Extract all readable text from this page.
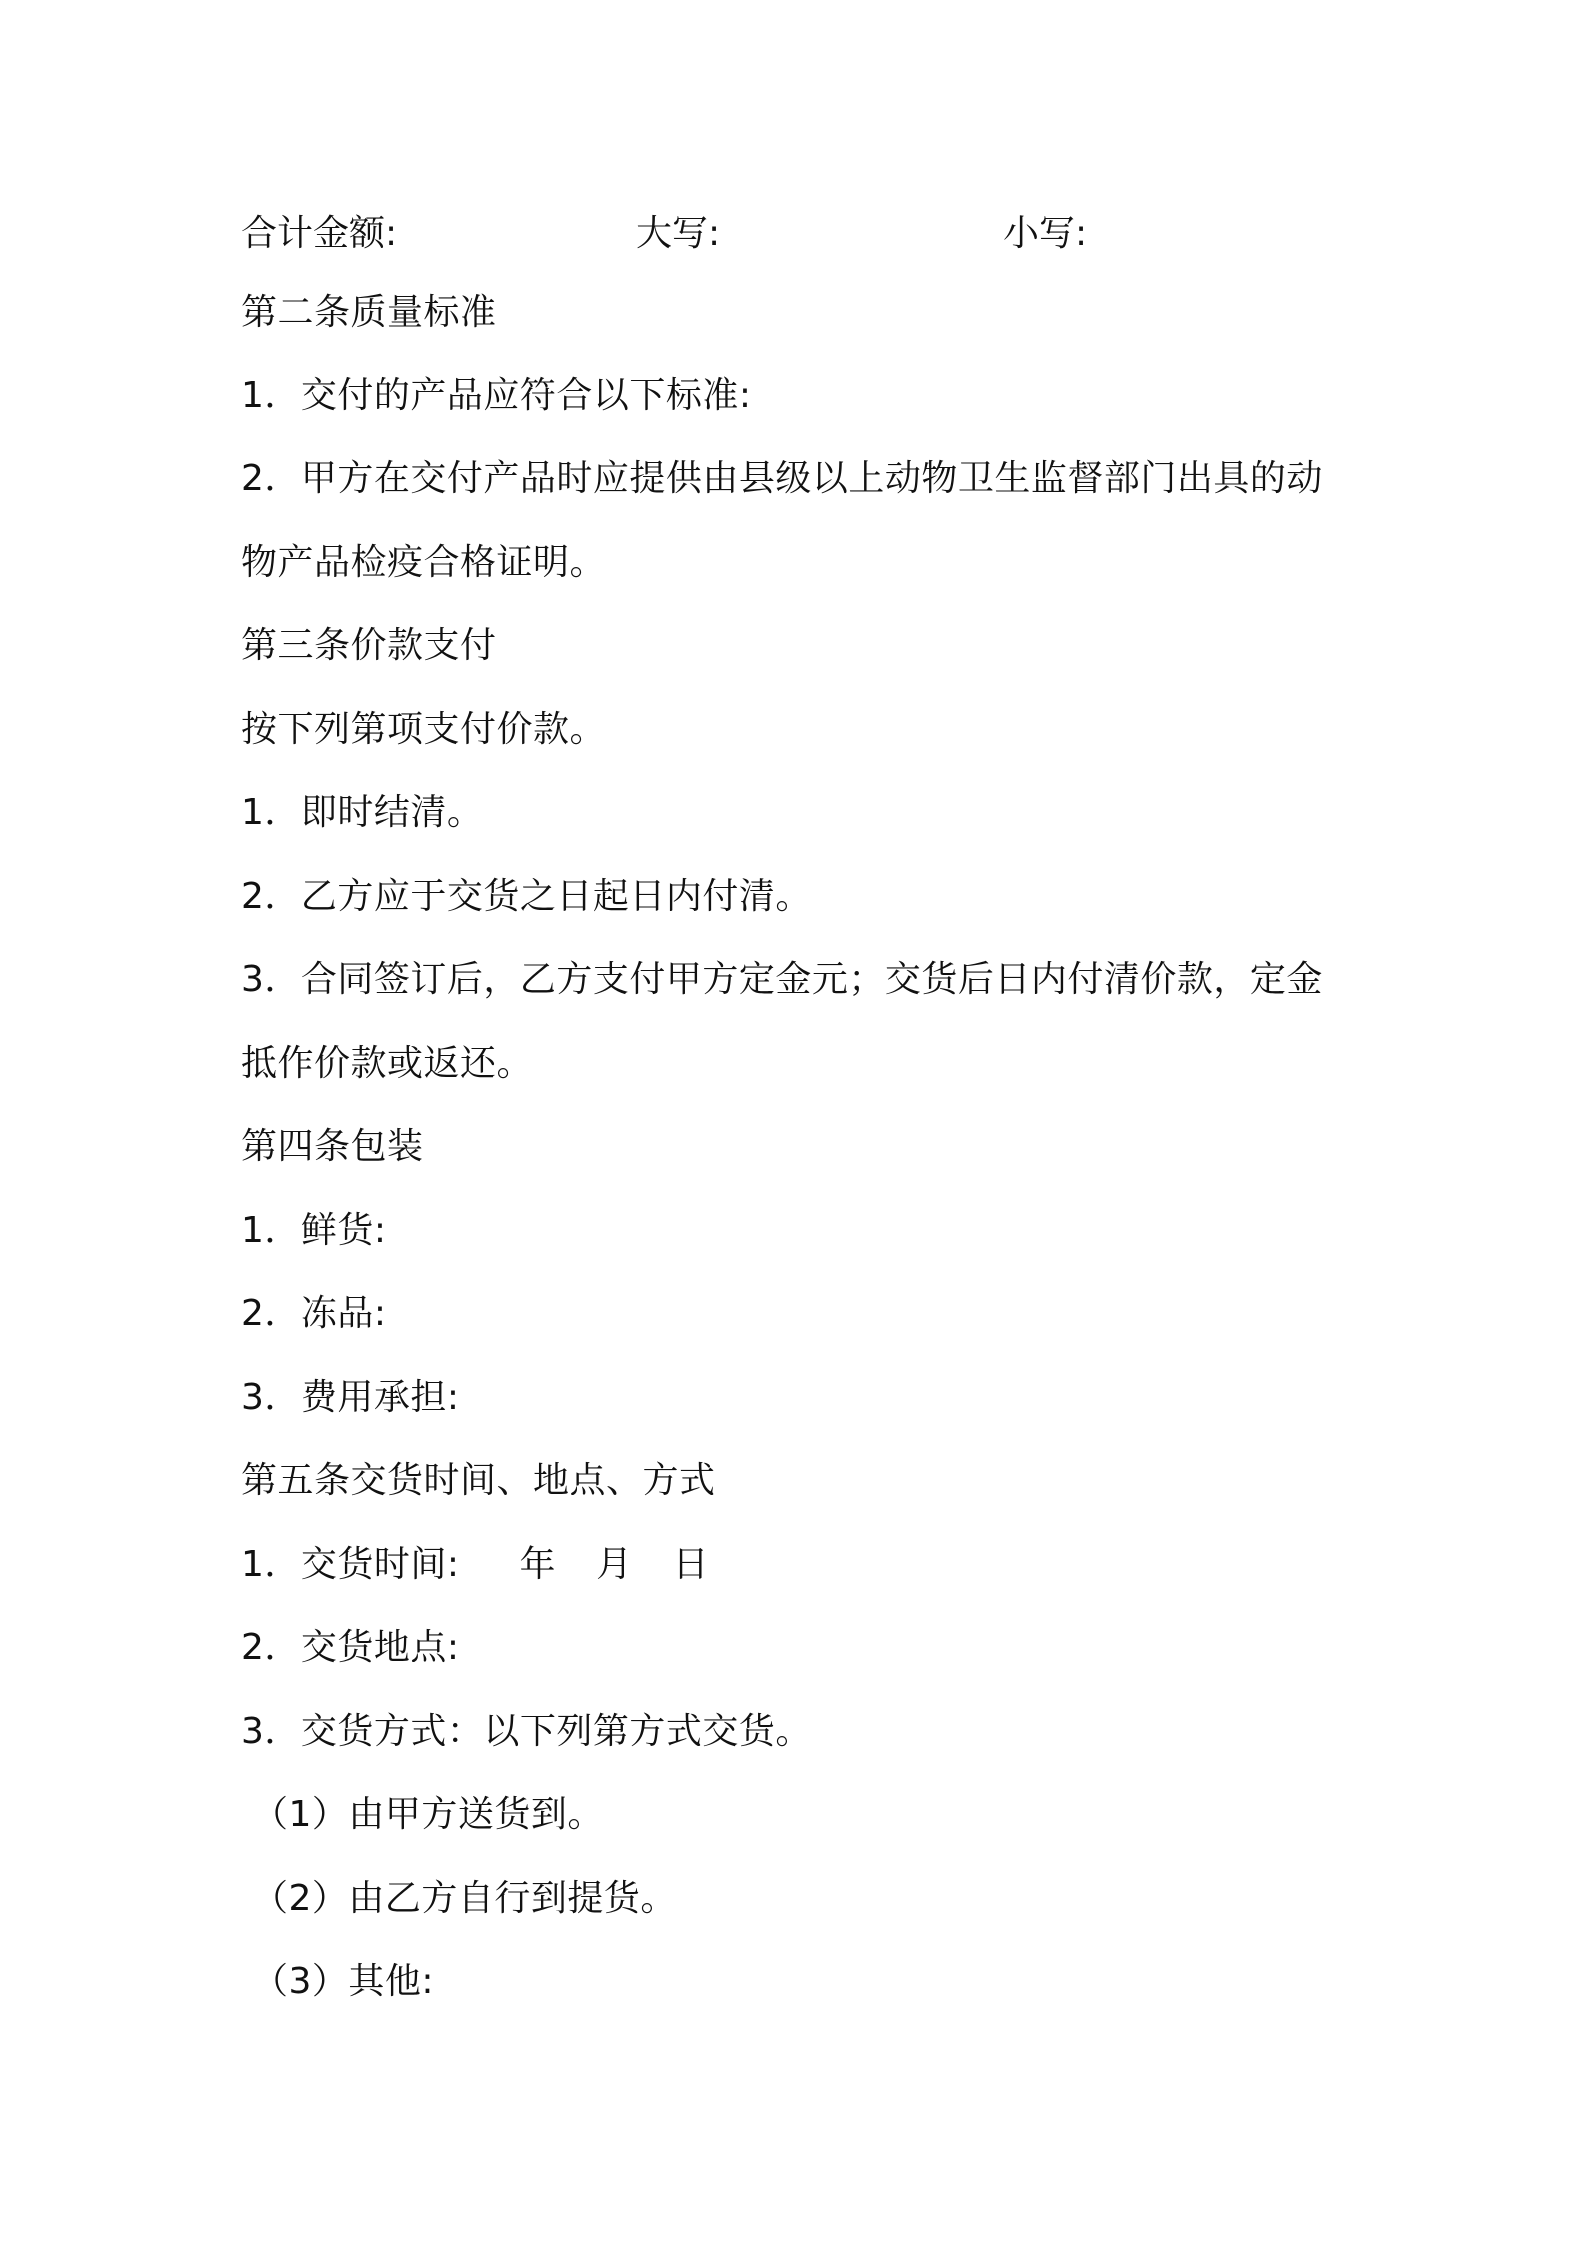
合计金额:	大写:	小写:
第二条质量标准
1．交付的产品应符合以下标准:
2．甲方在交付产品时应提供由县级以上动物卫生监督部门出具的动
物产品检疫合格证明。
第三条价款支付
按下列第项支付价款。
1．即时结清。
2．乙方应于交货之日起日内付清。
3．合同签订后，乙方支付甲方定金元；交货后日内付清价款，定金
抵作价款或返还。
第四条包装
1．鲜货:
2．冻品:
3．费用承担:
第五条交货时间、地点、方式
1．交货时间: 年 月 日
2．交货地点:
3．交货方式：以下列第方式交货。
（1）由甲方送货到。
（2）由乙方自行到提货。
（3）其他:
